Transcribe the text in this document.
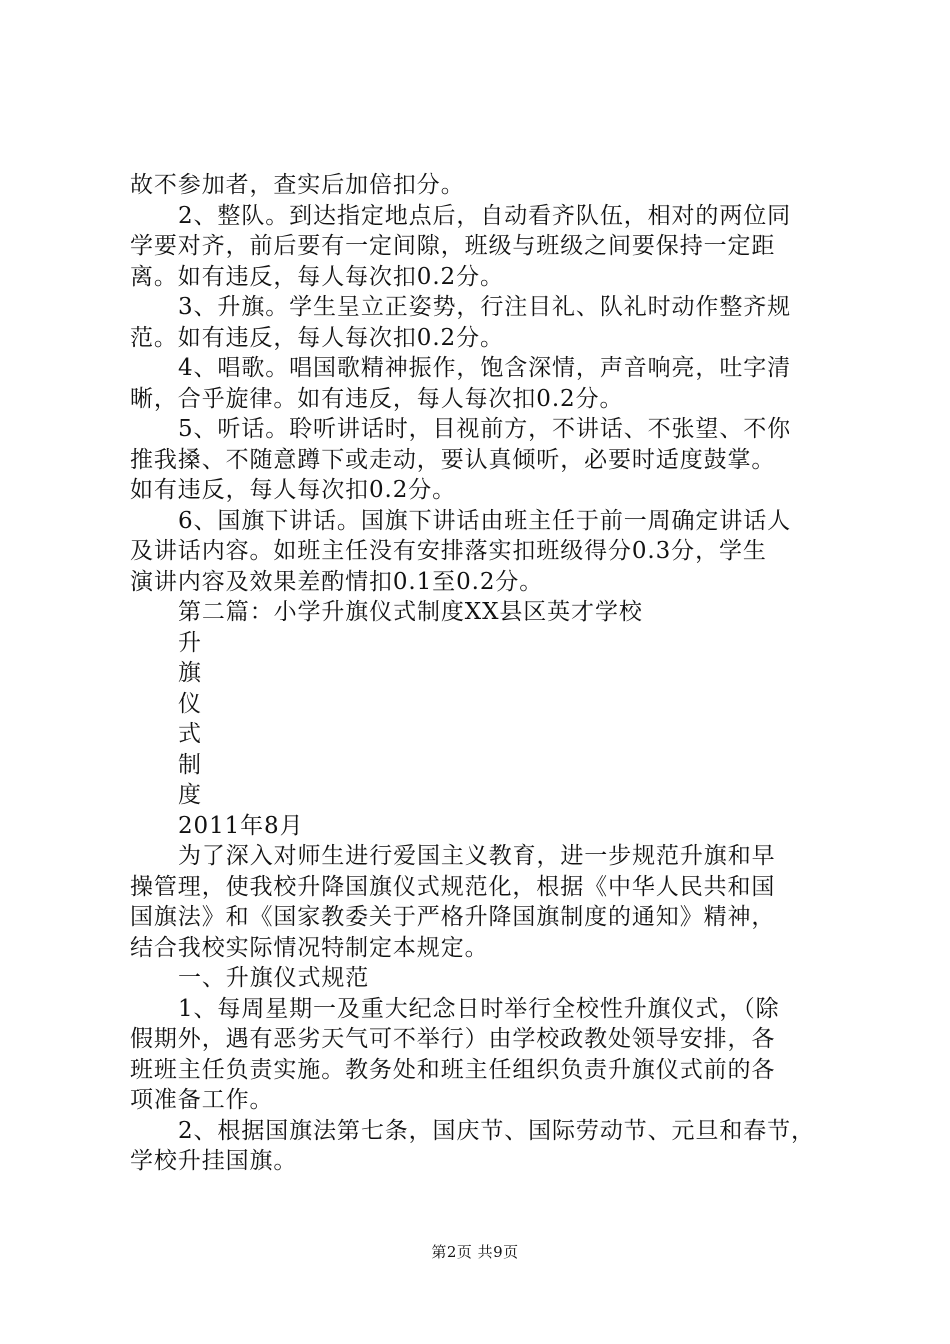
故不参加者，查实后加倍扣分。
2、整队。到达指定地点后，自动看齐队伍，相对的两位同
学要对齐，前后要有一定间隙，班级与班级之间要保持一定距
离。如有违反，每人每次扣0.2分。
3、升旗。学生呈立正姿势，行注目礼、队礼时动作整齐规
范。如有违反，每人每次扣0.2分。
4、唱歌。唱国歌精神振作，饱含深情，声音响亮，吐字清
晰，合乎旋律。如有违反，每人每次扣0.2分。
5、听话。聆听讲话时，目视前方，不讲话、不张望、不你
推我搡、不随意蹲下或走动，要认真倾听，必要时适度鼓掌。
如有违反，每人每次扣0.2分。
6、国旗下讲话。国旗下讲话由班主任于前一周确定讲话人
及讲话内容。如班主任没有安排落实扣班级得分0.3分，学生
演讲内容及效果差酌情扣0.1至0.2分。
第二篇：小学升旗仪式制度XX县区英才学校
升
旗
仪
式
制
度
2011年8月
为了深入对师生进行爱国主义教育，进一步规范升旗和早
操管理，使我校升降国旗仪式规范化，根据《中华人民共和国
国旗法》和《国家教委关于严格升降国旗制度的通知》精神，
结合我校实际情况特制定本规定。
一、升旗仪式规范
1、每周星期一及重大纪念日时举行全校性升旗仪式，（除
假期外，遇有恶劣天气可不举行）由学校政教处领导安排，各
班班主任负责实施。教务处和班主任组织负责升旗仪式前的各
项准备工作。
2、根据国旗法第七条，国庆节、国际劳动节、元旦和春节，
学校升挂国旗。
第2页 共9页
